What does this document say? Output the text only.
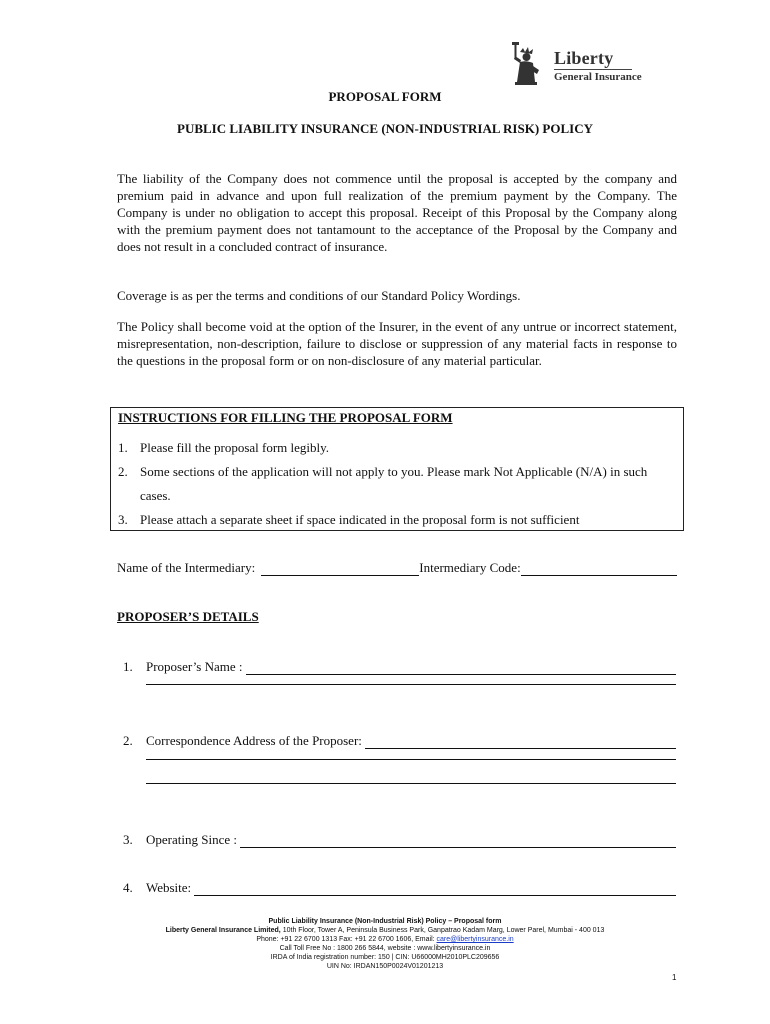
Liberty
General Insurance
PROPOSAL FORM
PUBLIC LIABILITY INSURANCE (NON-INDUSTRIAL RISK) POLICY

The liability of the Company does not commence until the proposal is accepted by the company and premium paid in advance and upon full realization of the premium payment by the Company. The Company is under no obligation to accept this proposal. Receipt of this Proposal by the Company along with the premium payment does not tantamount to the acceptance of the Proposal by the Company and does not result in a concluded contract of insurance.

Coverage is as per the terms and conditions of our Standard Policy Wordings.

The Policy shall become void at the option of the Insurer, in the event of any untrue or incorrect statement, misrepresentation, non-description, failure to disclose or suppression of any material facts in response to the questions in the proposal form or on non-disclosure of any material particular.

INSTRUCTIONS FOR FILLING THE PROPOSAL FORM
1. Please fill the proposal form legibly.
2. Some sections of the application will not apply to you. Please mark Not Applicable (N/A) in such cases.
3. Please attach a separate sheet if space indicated in the proposal form is not sufficient
Name of the Intermediary:	Intermediary Code:
PROPOSER’S DETAILS
1.	Proposer’s Name :
2.	Correspondence Address of the Proposer:
3.	Operating Since :
4.	Website:
Public Liability Insurance (Non-Industrial Risk) Policy – Proposal form
Liberty General Insurance Limited, 10th Floor, Tower A, Peninsula Business Park, Ganpatrao Kadam Marg, Lower Parel, Mumbai - 400 013
Phone: +91 22 6700 1313 Fax: +91 22 6700 1606, Email: care@libertyinsurance.in
Call Toll Free No : 1800 266 5844, website : www.libertyinsurance.in
IRDA of India registration number: 150 | CIN: U66000MH2010PLC209656
UIN No: IRDAN150P0024V01201213
1
